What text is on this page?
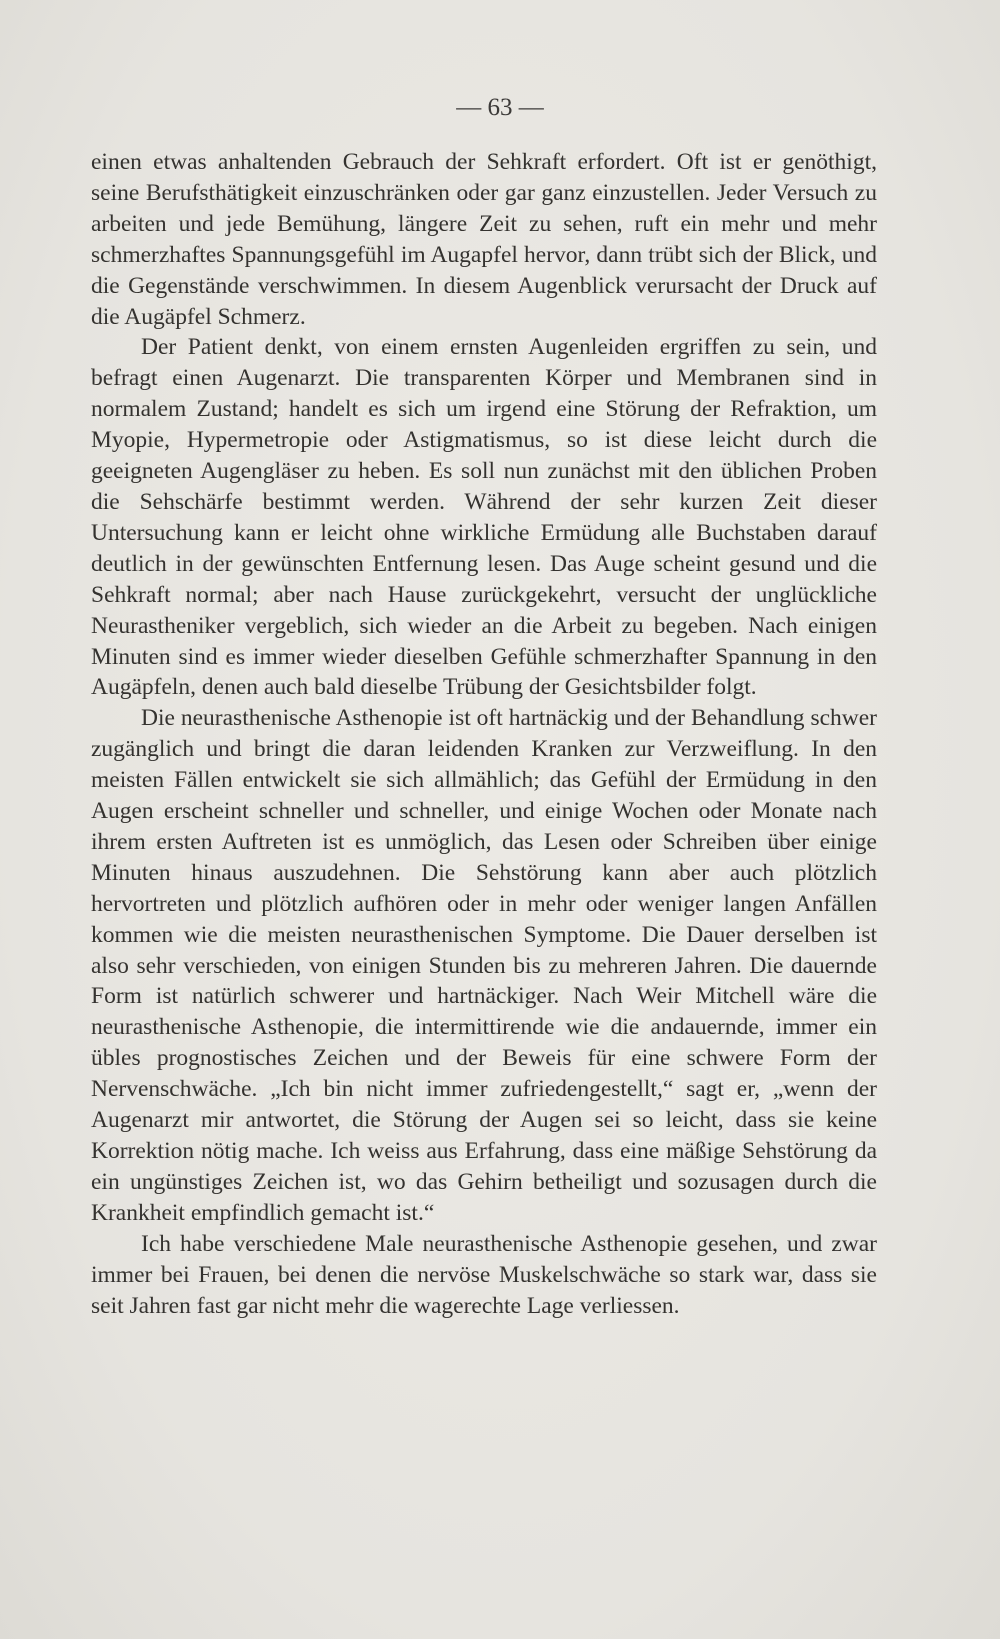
— 63 —

einen etwas anhaltenden Gebrauch der Sehkraft erfordert. Oft ist er genöthigt, seine Berufsthätigkeit einzuschränken oder gar ganz einzustellen. Jeder Versuch zu arbeiten und jede Bemühung, längere Zeit zu sehen, ruft ein mehr und mehr schmerzhaftes Spannungsgefühl im Augapfel hervor, dann trübt sich der Blick, und die Gegenstände verschwimmen. In diesem Augenblick verursacht der Druck auf die Augäpfel Schmerz.

Der Patient denkt, von einem ernsten Augenleiden ergriffen zu sein, und befragt einen Augenarzt. Die transparenten Körper und Membranen sind in normalem Zustand; handelt es sich um irgend eine Störung der Refraktion, um Myopie, Hypermetropie oder Astigmatismus, so ist diese leicht durch die geeigneten Augengläser zu heben. Es soll nun zunächst mit den üblichen Proben die Sehschärfe bestimmt werden. Während der sehr kurzen Zeit dieser Untersuchung kann er leicht ohne wirkliche Ermüdung alle Buchstaben darauf deutlich in der gewünschten Entfernung lesen. Das Auge scheint gesund und die Sehkraft normal; aber nach Hause zurückgekehrt, versucht der unglückliche Neurastheniker vergeblich, sich wieder an die Arbeit zu begeben. Nach einigen Minuten sind es immer wieder dieselben Gefühle schmerzhafter Spannung in den Augäpfeln, denen auch bald dieselbe Trübung der Gesichtsbilder folgt.

Die neurasthenische Asthenopie ist oft hartnäckig und der Behandlung schwer zugänglich und bringt die daran leidenden Kranken zur Verzweiflung. In den meisten Fällen entwickelt sie sich allmählich; das Gefühl der Ermüdung in den Augen erscheint schneller und schneller, und einige Wochen oder Monate nach ihrem ersten Auftreten ist es unmöglich, das Lesen oder Schreiben über einige Minuten hinaus auszudehnen. Die Sehstörung kann aber auch plötzlich hervortreten und plötzlich aufhören oder in mehr oder weniger langen Anfällen kommen wie die meisten neurasthenischen Symptome. Die Dauer derselben ist also sehr verschieden, von einigen Stunden bis zu mehreren Jahren. Die dauernde Form ist natürlich schwerer und hartnäckiger. Nach Weir Mitchell wäre die neurasthenische Asthenopie, die intermittirende wie die andauernde, immer ein übles prognostisches Zeichen und der Beweis für eine schwere Form der Nervenschwäche. „Ich bin nicht immer zufriedengestellt,“ sagt er, „wenn der Augenarzt mir antwortet, die Störung der Augen sei so leicht, dass sie keine Korrektion nötig mache. Ich weiss aus Erfahrung, dass eine mäßige Sehstörung da ein ungünstiges Zeichen ist, wo das Gehirn betheiligt und sozusagen durch die Krankheit empfindlich gemacht ist.“

Ich habe verschiedene Male neurasthenische Asthenopie gesehen, und zwar immer bei Frauen, bei denen die nervöse Muskelschwäche so stark war, dass sie seit Jahren fast gar nicht mehr die wagerechte Lage verliessen.
